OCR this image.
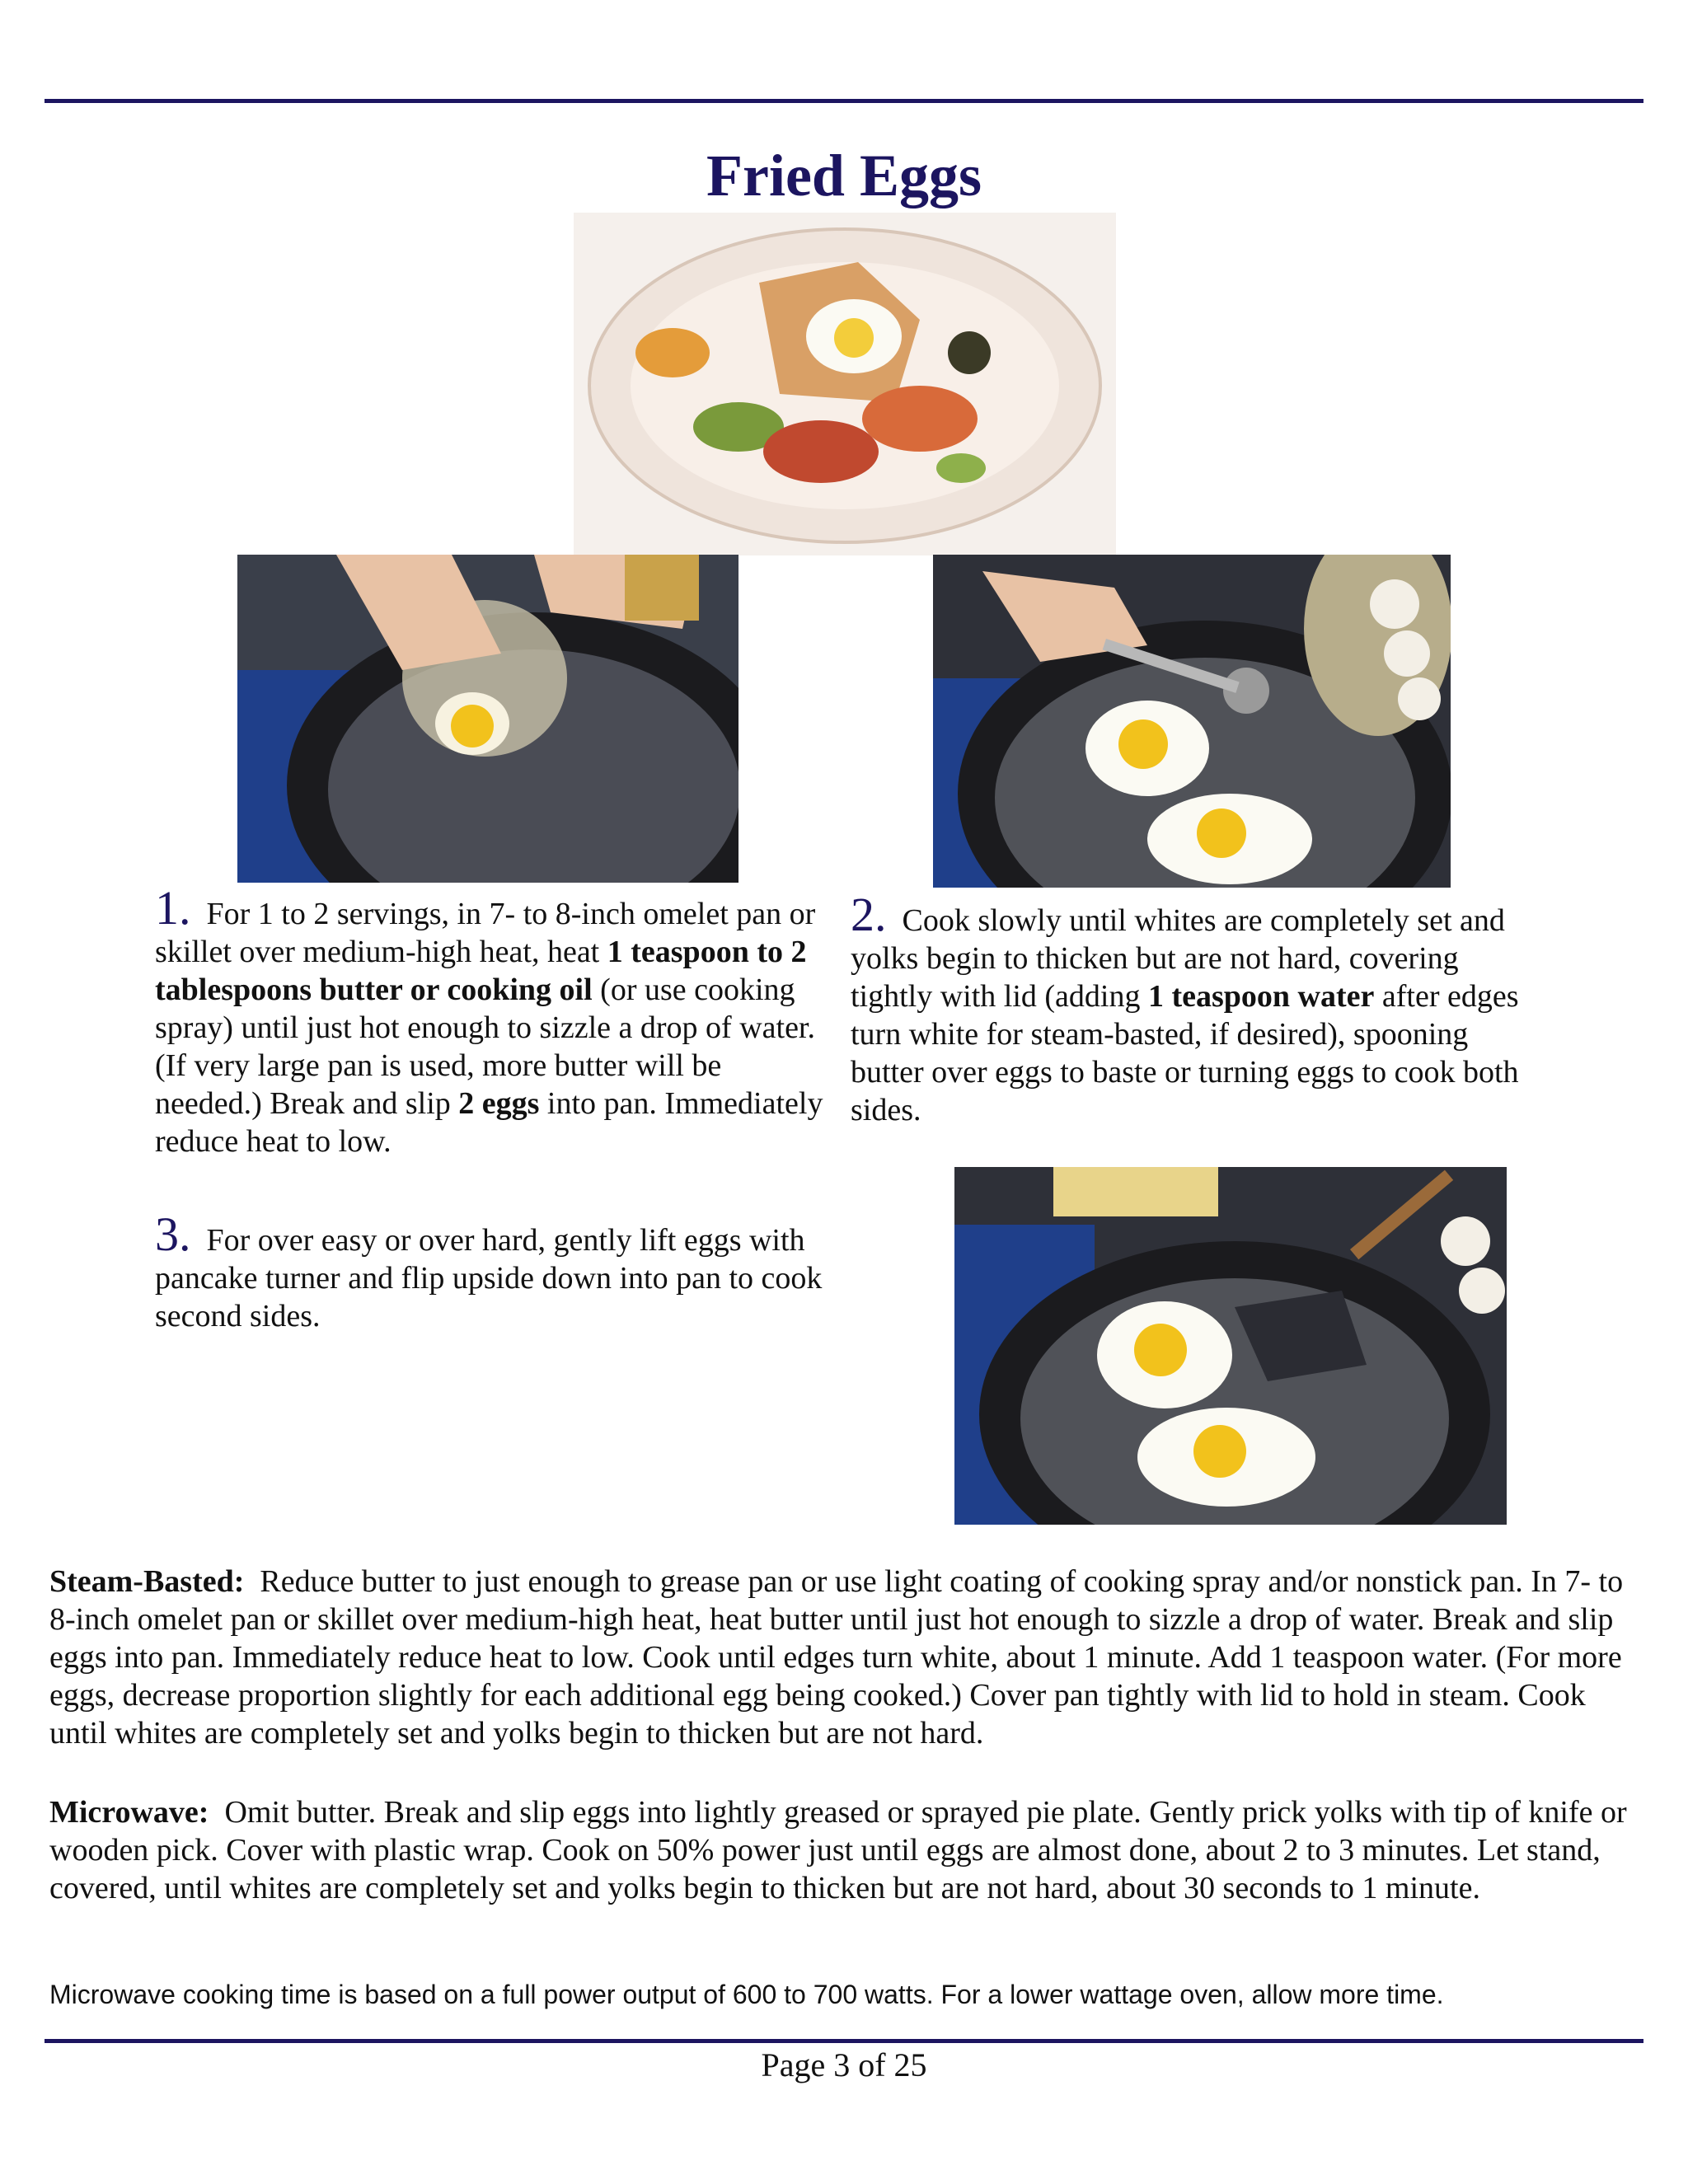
Fried Eggs
1. For 1 to 2 servings, in 7- to 8-inch omelet pan or skillet over medium-high heat, heat 1 teaspoon to 2 tablespoons butter or cooking oil (or use cooking spray) until just hot enough to sizzle a drop of water. (If very large pan is used, more butter will be needed.) Break and slip 2 eggs into pan. Immediately reduce heat to low.
2. Cook slowly until whites are completely set and yolks begin to thicken but are not hard, covering tightly with lid (adding 1 teaspoon water after edges turn white for steam-basted, if desired), spooning butter over eggs to baste or turning eggs to cook both sides.
3. For over easy or over hard, gently lift eggs with pancake turner and flip upside down into pan to cook second sides.
Steam-Basted: Reduce butter to just enough to grease pan or use light coating of cooking spray and/or nonstick pan. In 7- to 8-inch omelet pan or skillet over medium-high heat, heat butter until just hot enough to sizzle a drop of water. Break and slip eggs into pan. Immediately reduce heat to low. Cook until edges turn white, about 1 minute. Add 1 teaspoon water. (For more eggs, decrease proportion slightly for each additional egg being cooked.) Cover pan tightly with lid to hold in steam. Cook until whites are completely set and yolks begin to thicken but are not hard.
Microwave: Omit butter. Break and slip eggs into lightly greased or sprayed pie plate. Gently prick yolks with tip of knife or wooden pick. Cover with plastic wrap. Cook on 50% power just until eggs are almost done, about 2 to 3 minutes. Let stand, covered, until whites are completely set and yolks begin to thicken but are not hard, about 30 seconds to 1 minute.
Microwave cooking time is based on a full power output of 600 to 700 watts. For a lower wattage oven, allow more time.
Page 3 of 25
